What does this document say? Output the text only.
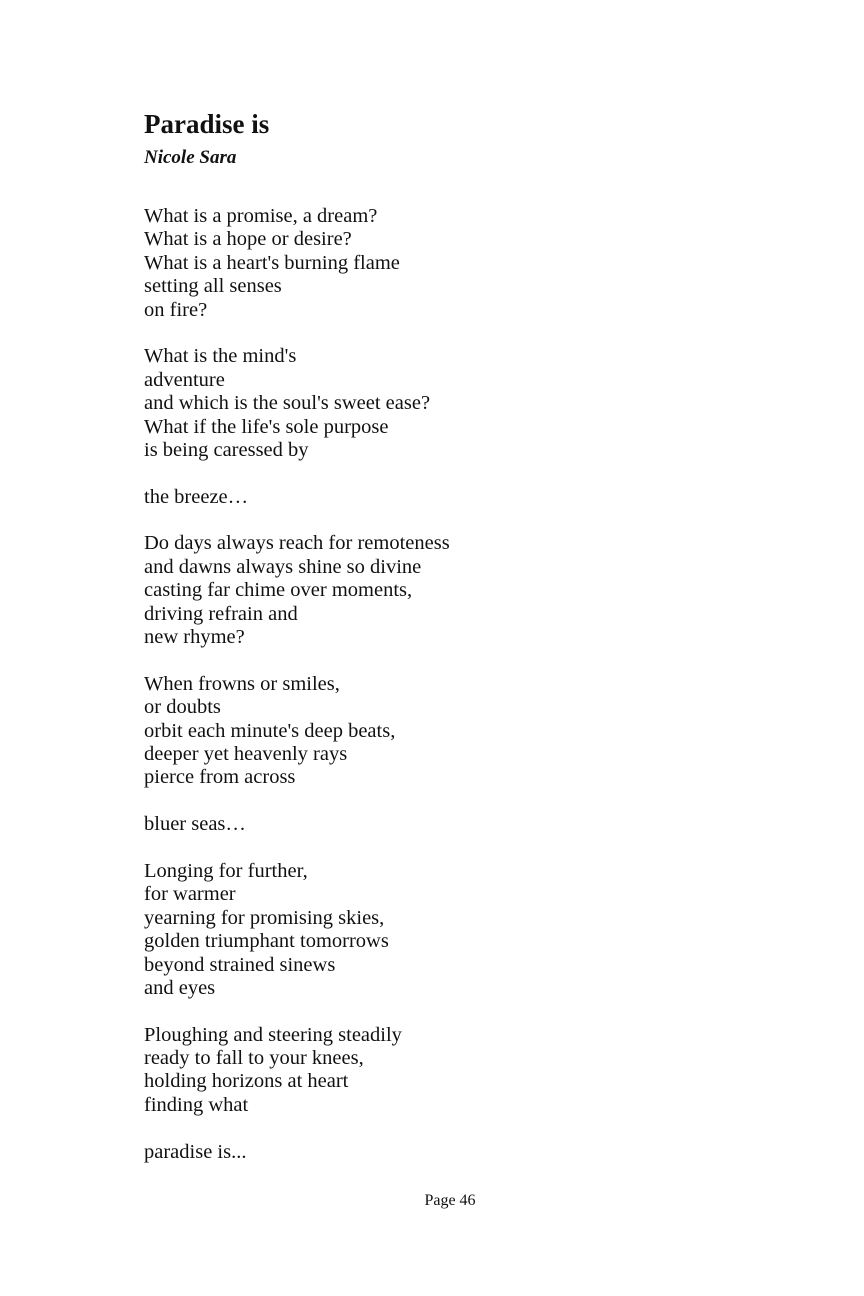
Paradise is

Nicole Sara

What is a promise, a dream?
What is a hope or desire?
What is a heart's burning flame
setting all senses
on fire?
What is the mind's
adventure
and which is the soul's sweet ease?
What if the life's sole purpose
is being caressed by
the breeze…
Do days always reach for remoteness
and dawns always shine so divine
casting far chime over moments,
driving refrain and
new rhyme?
When frowns or smiles,
or doubts
orbit each minute's deep beats,
deeper yet heavenly rays
pierce from across
bluer seas…
Longing for further,
for warmer
yearning for promising skies,
golden triumphant tomorrows
beyond strained sinews
and eyes
Ploughing and steering steadily
ready to fall to your knees,
holding horizons at heart
finding what
paradise is...
Page 46
